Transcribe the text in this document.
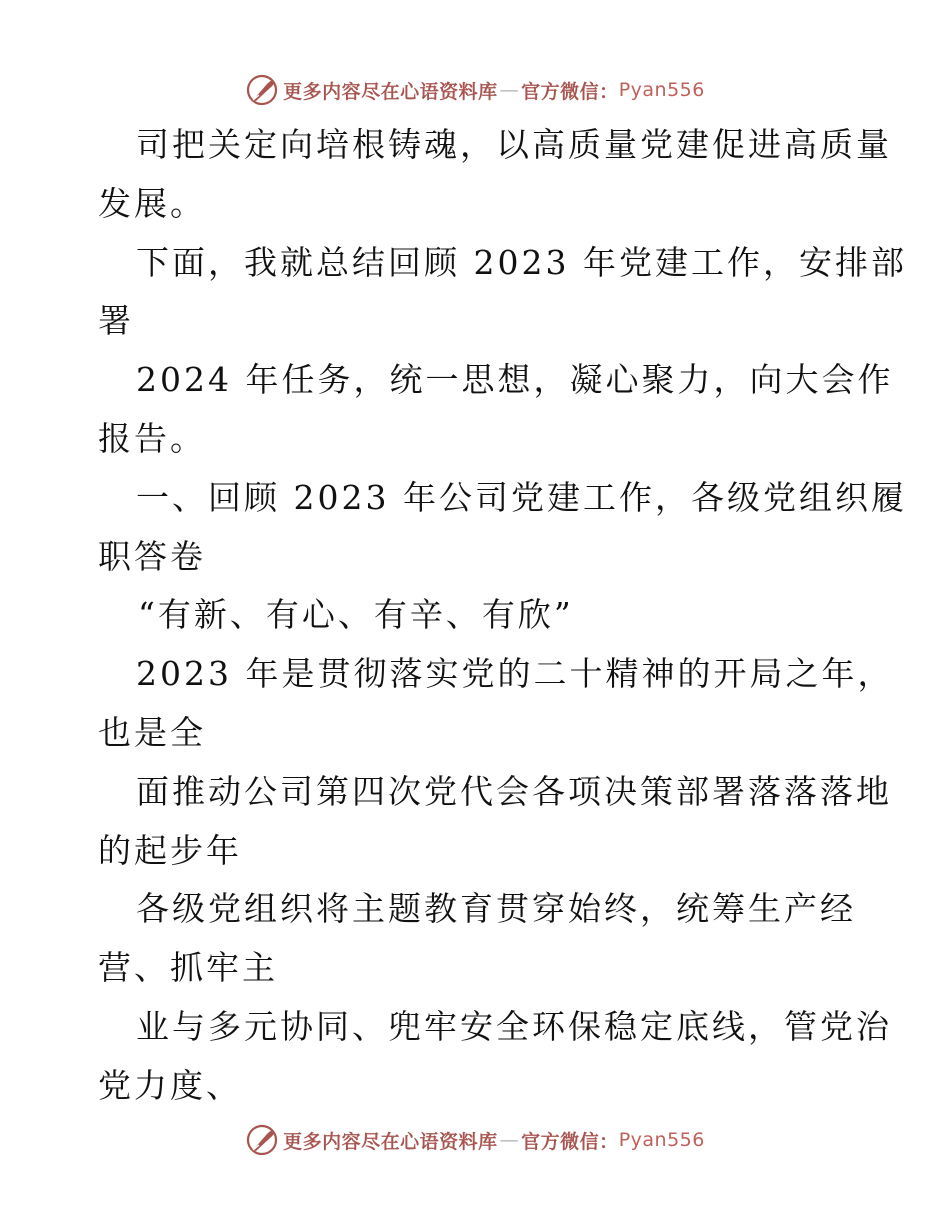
更多内容尽在心语资料库 — 官方微信： Pyan556
司把关定向培根铸魂，以高质量党建促进高质量
发展。
下面，我就总结回顾 2023 年党建工作，安排部
署
2024 年任务，统一思想，凝心聚力，向大会作
报告。
一、回顾 2023 年公司党建工作，各级党组织履
职答卷
“有新、有心、有辛、有欣”
2023 年是贯彻落实党的二十精神的开局之年，
也是全
面推动公司第四次党代会各项决策部署落落落地
的起步年
各级党组织将主题教育贯穿始终，统筹生产经
营、抓牢主
业与多元协同、兜牢安全环保稳定底线，管党治
党力度、
更多内容尽在心语资料库 — 官方微信： Pyan556
